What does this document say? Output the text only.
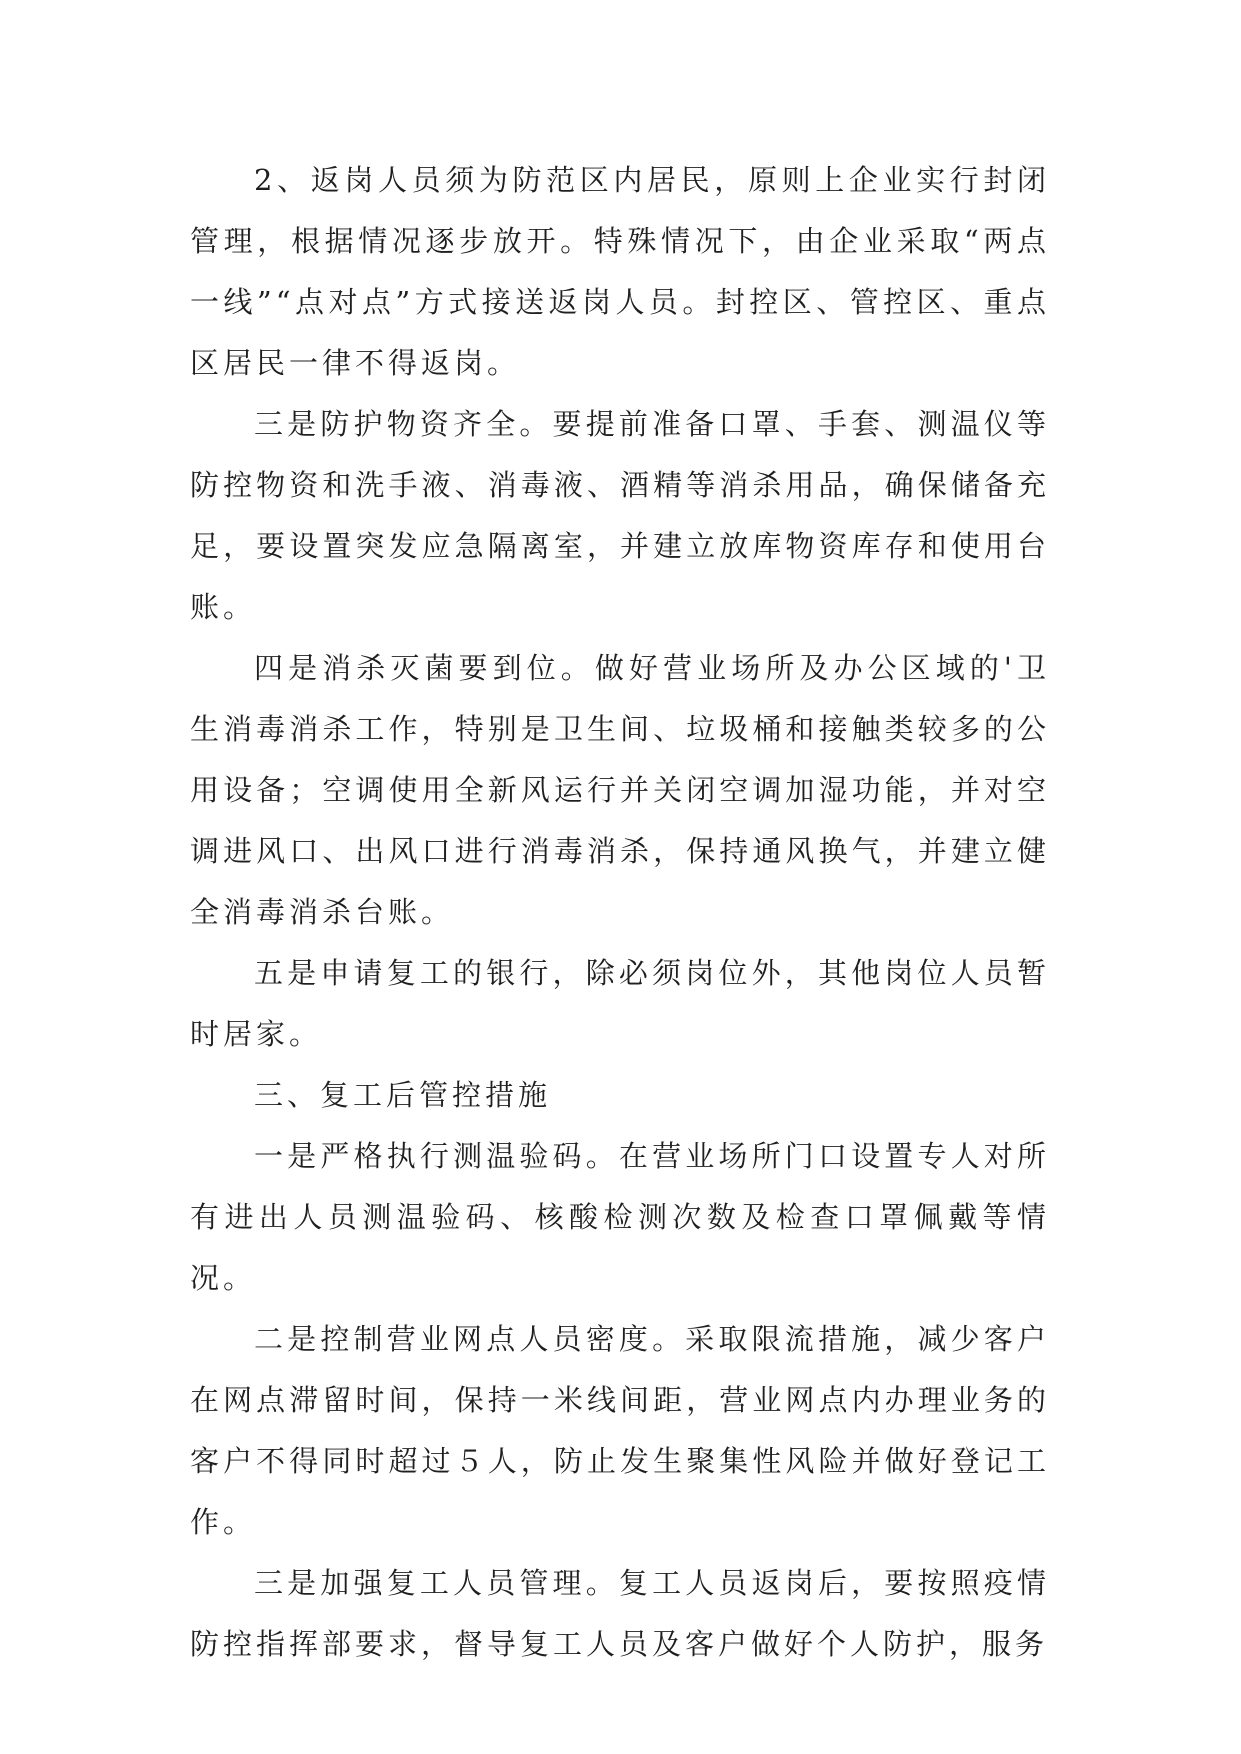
2、返岗人员须为防范区内居民，原则上企业实行封闭管理，根据情况逐步放开。特殊情况下，由企业采取“两点一线”“点对点”方式接送返岗人员。封控区、管控区、重点区居民一律不得返岗。

三是防护物资齐全。要提前准备口罩、手套、测温仪等防控物资和洗手液、消毒液、酒精等消杀用品，确保储备充足，要设置突发应急隔离室，并建立放库物资库存和使用台账。

四是消杀灭菌要到位。做好营业场所及办公区域的'卫生消毒消杀工作，特别是卫生间、垃圾桶和接触类较多的公用设备；空调使用全新风运行并关闭空调加湿功能，并对空调进风口、出风口进行消毒消杀，保持通风换气，并建立健全消毒消杀台账。

五是申请复工的银行，除必须岗位外，其他岗位人员暂时居家。

三、复工后管控措施

一是严格执行测温验码。在营业场所门口设置专人对所有进出人员测温验码、核酸检测次数及检查口罩佩戴等情况。

二是控制营业网点人员密度。采取限流措施，减少客户在网点滞留时间，保持一米线间距，营业网点内办理业务的客户不得同时超过５人，防止发生聚集性风险并做好登记工作。

三是加强复工人员管理。复工人员返岗后，要按照疫情防控指挥部要求，督导复工人员及客户做好个人防护，服务
